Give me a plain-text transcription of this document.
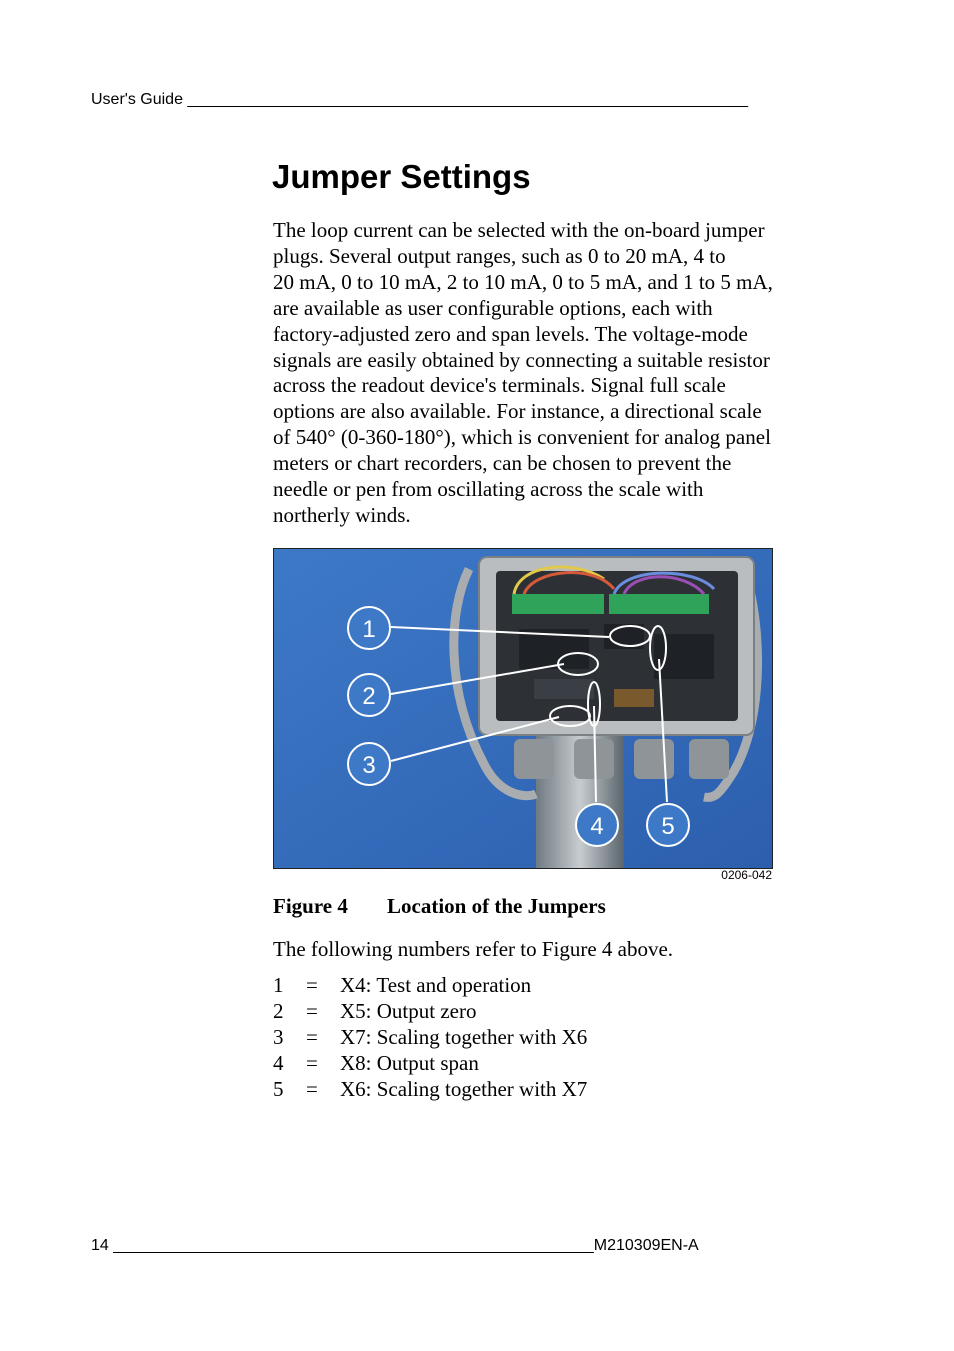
User's Guide _______________________________________________________________
Jumper Settings

The loop current can be selected with the on-board jumper
plugs. Several output ranges, such as 0 to 20 mA, 4 to
20 mA, 0 to 10 mA, 2 to 10 mA, 0 to 5 mA, and 1 to 5 mA,
are available as user configurable options, each with
factory-adjusted zero and span levels. The voltage-mode
signals are easily obtained by connecting a suitable resistor
across the readout device's terminals. Signal full scale
options are also available. For instance, a directional scale
of 540° (0-360-180°), which is convenient for analog panel
meters or chart recorders, can be chosen to prevent the
needle or pen from oscillating across the scale with
northerly winds.

1
2
3
4 5
0206-042
Figure 4 Location of the Jumpers
The following numbers refer to Figure 4 above.
1 = X4: Test and operation
2 = X5: Output zero
3 = X7: Scaling together with X6
4 = X8: Output span
5 = X6: Scaling together with X7
14 ______________________________________________________M210309EN-A
